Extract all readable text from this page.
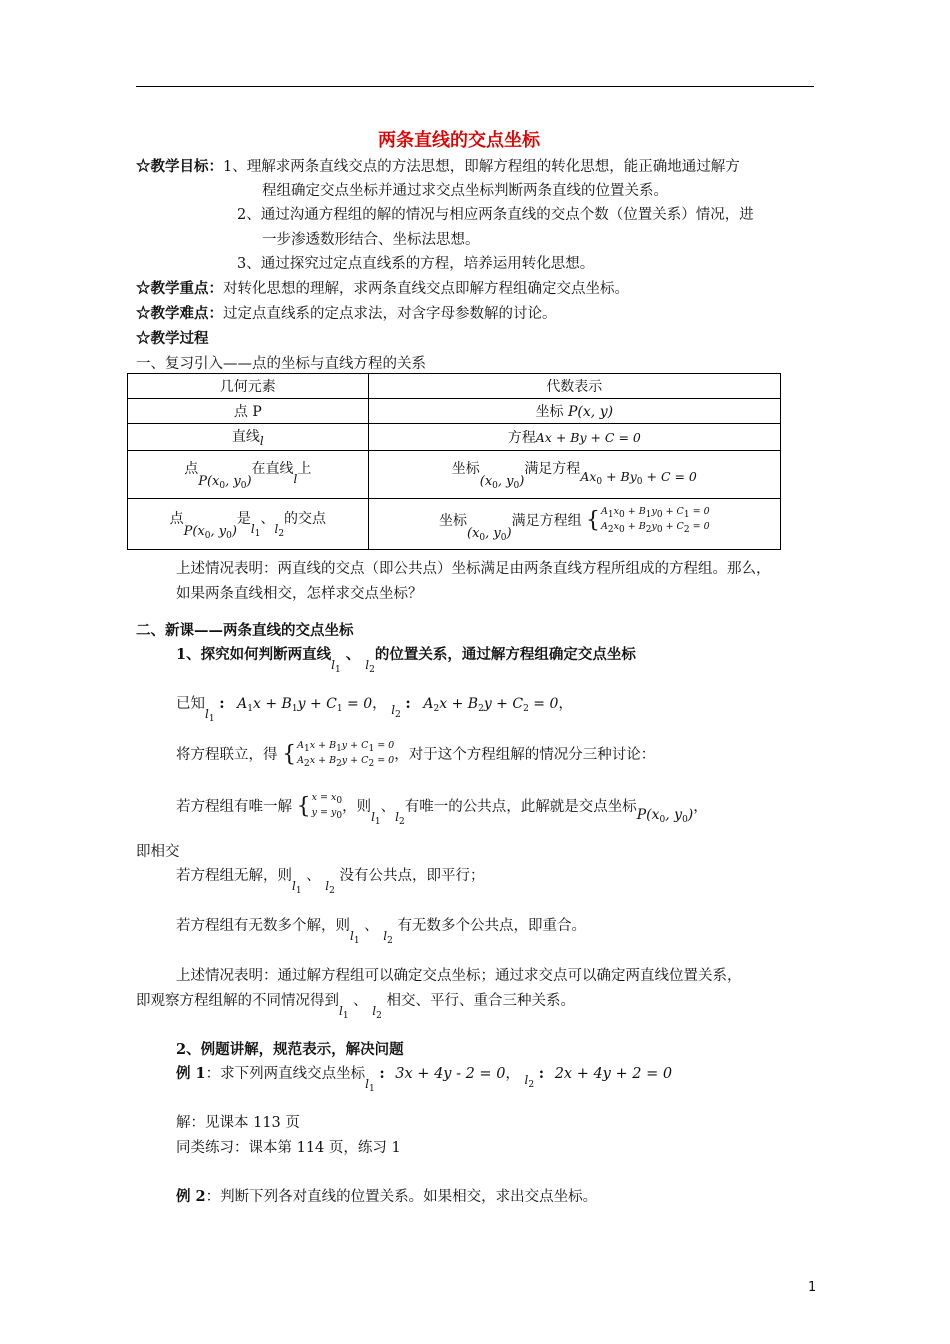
两条直线的交点坐标
☆教学目标：1、理解求两条直线交点的方法思想，即解方程组的转化思想，能正确地通过解方
程组确定交点坐标并通过求交点坐标判断两条直线的位置关系。
2、通过沟通方程组的解的情况与相应两条直线的交点个数（位置关系）情况，进
一步渗透数形结合、坐标法思想。
3、通过探究过定点直线系的方程，培养运用转化思想。
☆教学重点：对转化思想的理解，求两条直线交点即解方程组确定交点坐标。
☆教学难点：过定点直线系的定点求法，对含字母参数解的讨论。
☆教学过程
一、复习引入——点的坐标与直线方程的关系
几何元素	代数表示
点 P	坐标 P(x, y)
直线l	方程Ax + By + C = 0
点$P(x_0$, $y_0$)在直线l上	坐标($x_0$, $y_0$)满足方程$Ax_0 + By_0 + C = 0$
点$P(x_0$, $y_0$)是$l_1$、$l_2$的交点	坐标($x_0$, $y_0$)满足方程组 {A1x0 + B1y0 + C1 = 0
A2x0 + B2y0 + C2 = 0
上述情况表明：两直线的交点（即公共点）坐标满足由两条直线方程所组成的方程组。那么，
如果两条直线相交，怎样求交点坐标？
二、新课——两条直线的交点坐标
1、探究如何判断两直线$_{l_1}$ 、 $_{l_2}$的位置关系，通过解方程组确定交点坐标
已知$_{l_1}$ : $A_1x + B_1y + C_1 = 0$， $_{l_2}$ : $A_2x + B_2y + C_2 = 0$，
将方程联立，得 {A1x + B1y + C1 = 0
A2x + B2y + C2 = 0，对于这个方程组解的情况分三种讨论：
若方程组有唯一解 {x = x0
y = y0，则$_{l_1}$、$_{l_2}$有唯一的公共点，此解就是交点坐标$P(x_0$, $y_0$)，
即相交
若方程组无解，则$_{l_1}$ 、 $_{l_2}$ 没有公共点，即平行；
若方程组有无数多个解，则$_{l_1}$ 、 $_{l_2}$ 有无数多个公共点，即重合。
上述情况表明：通过解方程组可以确定交点坐标；通过求交点可以确定两直线位置关系，
即观察方程组解的不同情况得到$_{l_1}$ 、 $_{l_2}$ 相交、平行、重合三种关系。
2、例题讲解，规范表示，解决问题
例 1：求下列两直线交点坐标$_{l_1}$ : 3x + 4y - 2 = 0， $_{l_2}$ : 2x + 4y + 2 = 0
解：见课本 113 页
同类练习：课本第 114 页，练习 1
例 2：判断下列各对直线的位置关系。如果相交，求出交点坐标。
1
